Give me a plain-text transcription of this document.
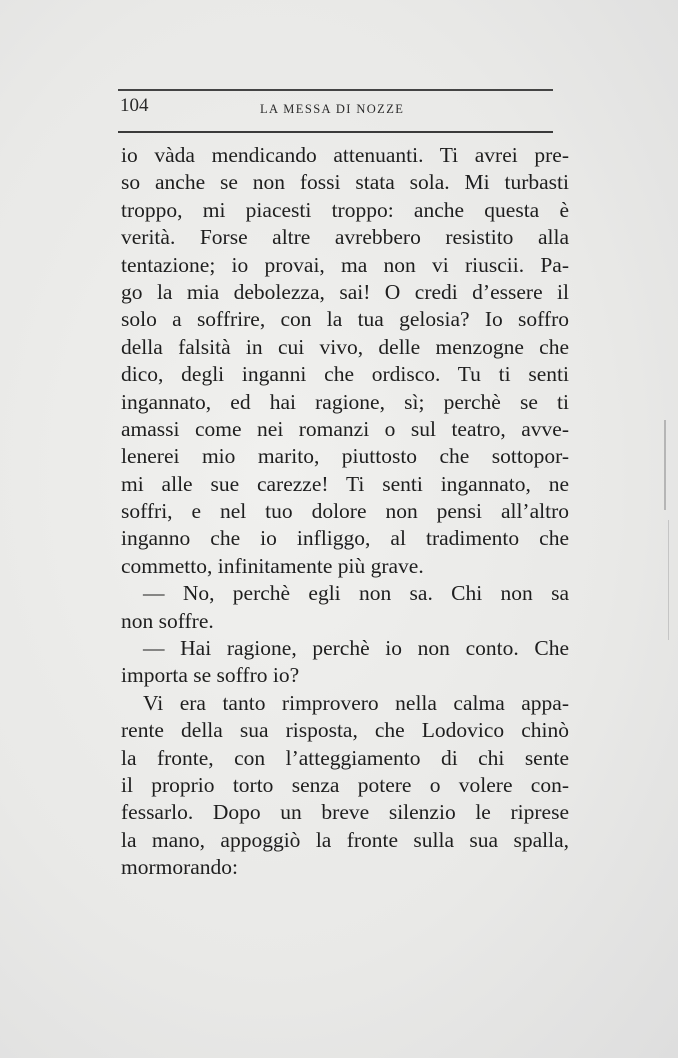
104	LA MESSA DI NOZZE
io vàda mendicando attenuanti. Ti avrei pre-
so anche se non fossi stata sola. Mi turbasti
troppo, mi piacesti troppo: anche questa è
verità. Forse altre avrebbero resistito alla
tentazione; io provai, ma non vi riuscii. Pa-
go la mia debolezza, sai! O credi d’essere il
solo a soffrire, con la tua gelosia? Io soffro
della falsità in cui vivo, delle menzogne che
dico, degli inganni che ordisco. Tu ti senti
ingannato, ed hai ragione, sì; perchè se ti
amassi come nei romanzi o sul teatro, avve-
lenerei mio marito, piuttosto che sottopor-
mi alle sue carezze! Ti senti ingannato, ne
soffri, e nel tuo dolore non pensi all’altro
inganno che io infliggo, al tradimento che
commetto, infinitamente più grave.
— No, perchè egli non sa. Chi non sa
non soffre.
— Hai ragione, perchè io non conto. Che
importa se soffro io?
Vi era tanto rimprovero nella calma appa-
rente della sua risposta, che Lodovico chinò
la fronte, con l’atteggiamento di chi sente
il proprio torto senza potere o volere con-
fessarlo. Dopo un breve silenzio le riprese
la mano, appoggiò la fronte sulla sua spalla,
mormorando:
